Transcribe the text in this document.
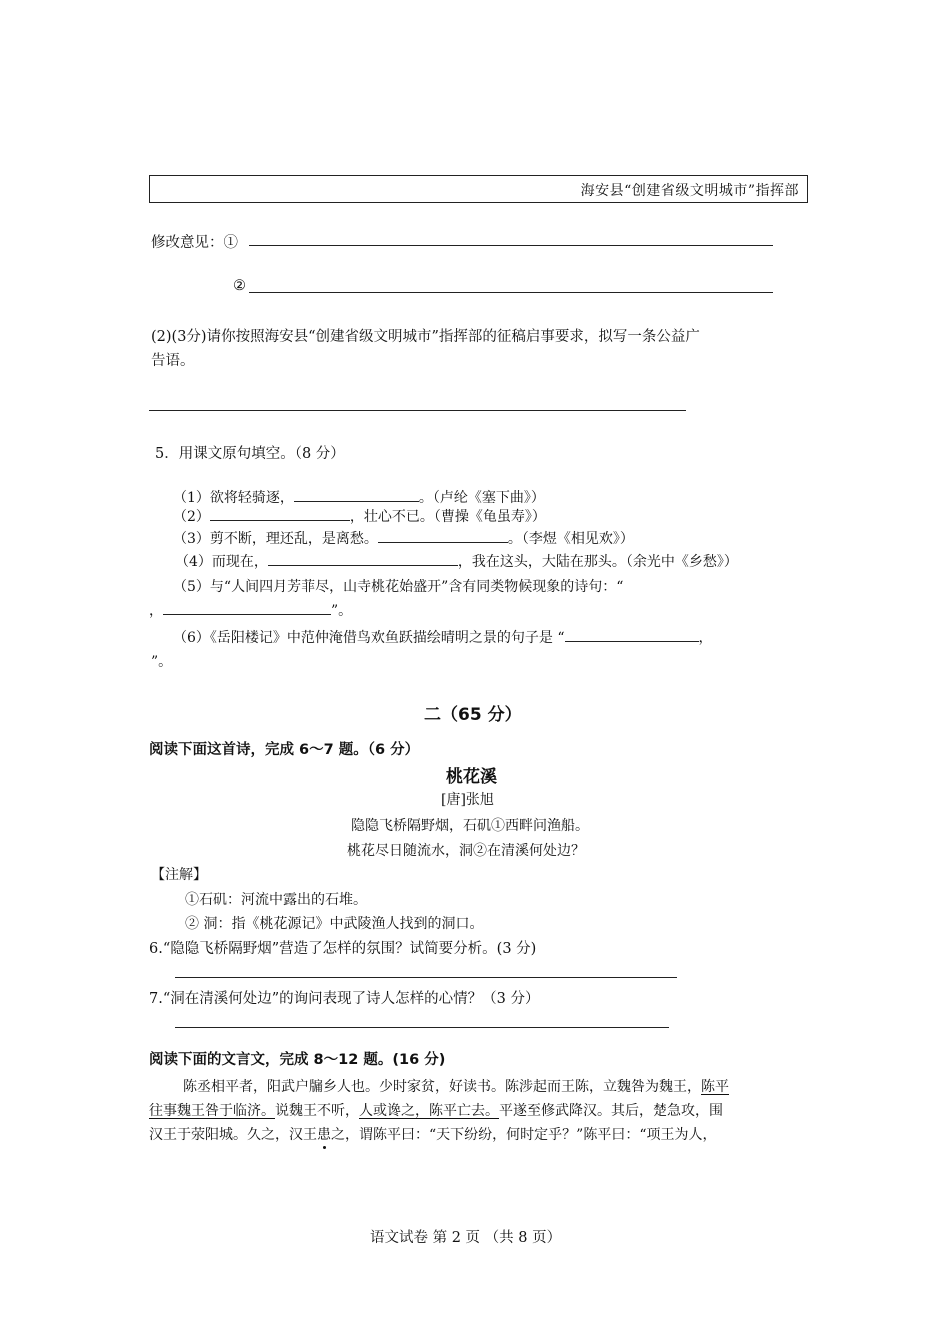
海安县“创建省级文明城市”指挥部
修改意见：①
②
(2)(3分)请你按照海安县“创建省级文明城市”指挥部的征稿启事要求，拟写一条公益广
告语。
5．用课文原句填空。（8 分）
（1）欲将轻骑逐，	。（卢纶《塞下曲》）
（2）	，壮心不已。（曹操《龟虽寿》）
（3）剪不断，理还乱，是离愁。	。（李煜《相见欢》）
（4）而现在，	，我在这头，大陆在那头。（余光中《乡愁》）
（5）与“人间四月芳菲尽，山寺桃花始盛开”含有同类物候现象的诗句：“
，	”。
（6）《岳阳楼记》中范仲淹借鸟欢鱼跃描绘晴明之景的句子是 “	，
”。
二（65 分）
阅读下面这首诗，完成 6～7 题。（6 分）
桃花溪
[唐]张旭
隐隐飞桥隔野烟，石矶①西畔问渔船。
桃花尽日随流水，洞②在清溪何处边？
【注解】
①石矶：河流中露出的石堆。
② 洞：指《桃花源记》中武陵渔人找到的洞口。
6.“隐隐飞桥隔野烟”营造了怎样的氛围？试简要分析。(3 分)
7.“洞在清溪何处边”的询问表现了诗人怎样的心情？（3 分）
阅读下面的文言文，完成 8～12 题。(16 分)
陈丞相平者，阳武户牖乡人也。少时家贫，好读书。陈涉起而王陈，立魏咎为魏王，陈平
往事魏王咎于临济。说魏王不听，人或谗之，陈平亡去。平遂至修武降汉。其后，楚急攻，围
汉王于荥阳城。久之，汉王患之，谓陈平曰：“天下纷纷，何时定乎？”陈平曰：“项王为人，
语文试卷 第 2 页 （共 8 页）
